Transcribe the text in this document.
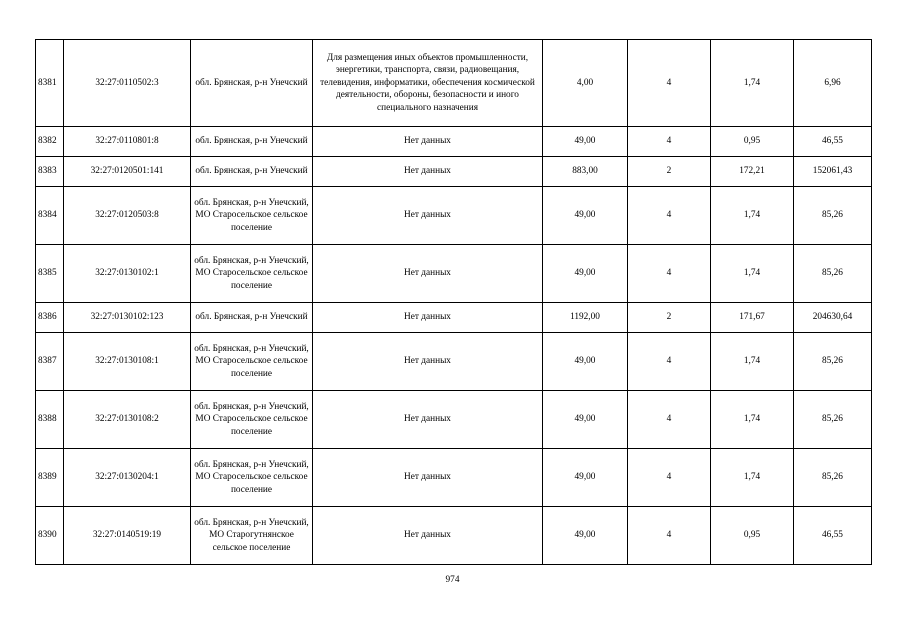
8381	32:27:0110502:3	обл. Брянская, р-н Унечский	Для размещения иных объектов промышленности, энергетики, транспорта, связи, радиовещания, телевидения, информатики, обеспечения космической деятельности, обороны, безопасности и иного специального назначения	4,00	4	1,74	6,96
8382	32:27:0110801:8	обл. Брянская, р-н Унечский	Нет данных	49,00	4	0,95	46,55
8383	32:27:0120501:141	обл. Брянская, р-н Унечский	Нет данных	883,00	2	172,21	152061,43
8384	32:27:0120503:8	обл. Брянская, р-н Унечский, МО Старосельское сельское поселение	Нет данных	49,00	4	1,74	85,26
8385	32:27:0130102:1	обл. Брянская, р-н Унечский, МО Старосельское сельское поселение	Нет данных	49,00	4	1,74	85,26
8386	32:27:0130102:123	обл. Брянская, р-н Унечский	Нет данных	1192,00	2	171,67	204630,64
8387	32:27:0130108:1	обл. Брянская, р-н Унечский, МО Старосельское сельское поселение	Нет данных	49,00	4	1,74	85,26
8388	32:27:0130108:2	обл. Брянская, р-н Унечский, МО Старосельское сельское поселение	Нет данных	49,00	4	1,74	85,26
8389	32:27:0130204:1	обл. Брянская, р-н Унечский, МО Старосельское сельское поселение	Нет данных	49,00	4	1,74	85,26
8390	32:27:0140519:19	обл. Брянская, р-н Унечский, МО Старогутнянское сельское поселение	Нет данных	49,00	4	0,95	46,55
974
